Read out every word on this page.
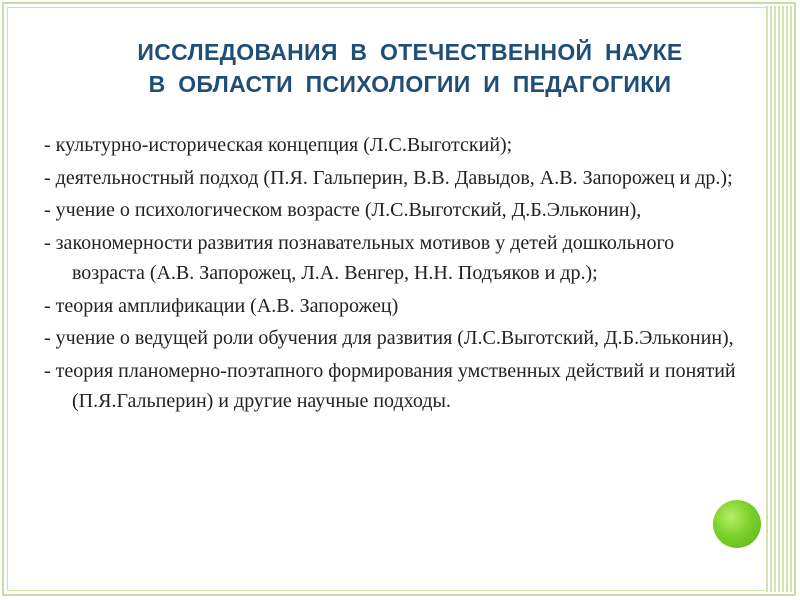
ИССЛЕДОВАНИЯ В ОТЕЧЕСТВЕННОЙ НАУКЕ
В ОБЛАСТИ ПСИХОЛОГИИ И ПЕДАГОГИКИ
- культурно-историческая концепция (Л.С.Выготский);
- деятельностный подход (П.Я. Гальперин, В.В. Давыдов, А.В. Запорожец и др.);
- учение о психологическом возрасте (Л.С.Выготский, Д.Б.Эльконин),
- закономерности развития познавательных мотивов у детей дошкольного возраста (А.В. Запорожец, Л.А. Венгер, Н.Н. Подъяков и др.);
- теория амплификации (А.В. Запорожец)
- учение о ведущей роли обучения для развития (Л.С.Выготский, Д.Б.Эльконин),
- теория планомерно-поэтапного формирования умственных действий и понятий (П.Я.Гальперин) и другие научные подходы.
